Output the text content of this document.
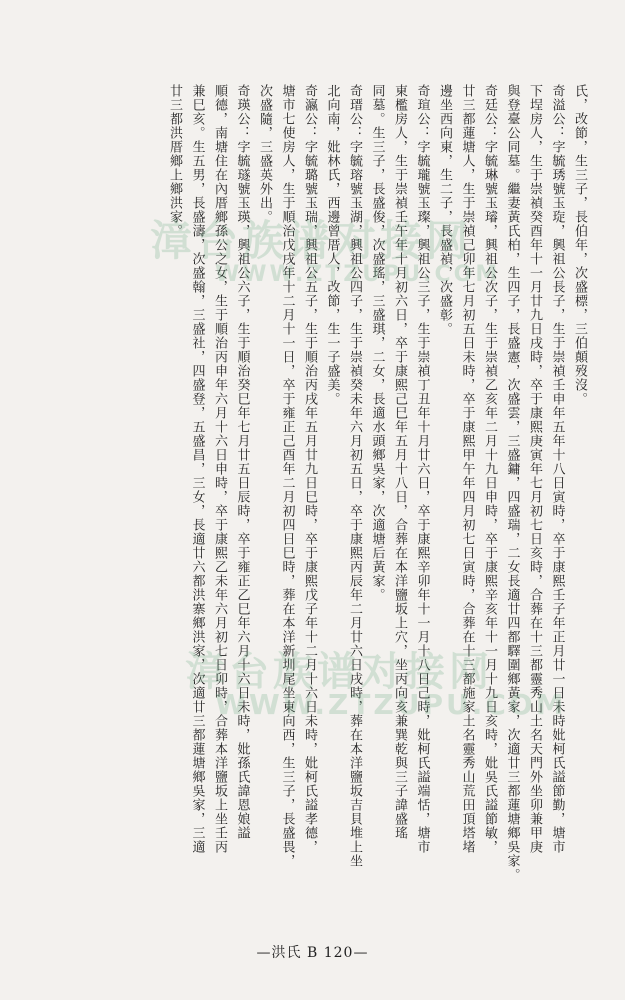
氏，改節，生三子，長伯年，次盛標，三伯顛歿沒。
奇溢公：字毓琇號玉琁，興祖公長子，生于崇禎壬申年五年十八日寅時，卒于康熙壬子年正月廿一日未時妣柯氏謚節勤，塘市
下埕房人，生于崇禎癸酉年十一月廿九日戌時，卒于康熙庚寅年七月初七日亥時，合葬在十三都靈秀山土名天門外坐卯兼甲庚
與登臺公同墓。繼妻黃氏柏，生四子，長盛憲，次盛雲，三盛鏞，四盛瑞，二女長適廿四都驛圍鄉黃家，次適廿三都蓮塘鄉吳家。
奇廷公：字毓琳號玉璿，興祖公次子，生于崇禎乙亥年二月十九日申時，卒于康熙辛亥年十一月十九日亥時，妣吳氏謚節敏，
廿三都蓮塘人，生于崇禎己卯年七月初五日未時，卒于康熙甲午年四月初七日寅時，合葬在十三都施家土名靈秀山荒田頂塔堵
邊坐西向東，生二子，長盛禎，次盛彰。
奇瑄公：字毓瓏號玉璨，興祖公三子，生于崇禎丁丑年十月廿六日，卒于康熙辛卯年十一月十八日己時，妣柯氏謚端恬，塘市
東檻房人，生于崇禎壬午年十月初六日，卒于康熙己巳年五月十八日，合葬在本洋鹽坂上穴，坐丙向亥兼巽乾與三子諱盛瑤
同墓。生三子，長盛俊，次盛瑤，三盛琪，二女，長適水頭鄉吳家，次適塘后黃家。
奇瑨公：字毓瑢號玉湖，興祖公四子，生于崇禎癸未年六月初五日，卒于康熙丙辰年二月廿六日戌時，葬在本洋鹽坂吉貝堆上坐
北向南，妣林氏，西邊曾厝人，改節，生一子盛美。
奇瀛公：字毓璐號玉瑞，興祖公五子，生于順治丙戌年五月廿九日巳時，卒于康熙戊子年十二月十六日未時，妣柯氏謚孝德，
塘市七使房人，生于順治戊戌年十二月十一日，卒于雍正己酉年二月初四日巳時，葬在本洋新圳尾坐東向西，生三子，長盛畏，
次盛隨，三盛英外出。
奇瑛公：字毓璲號玉瑛，興祖公六子，生于順治癸巳年七月廿五日辰時，卒于雍正乙巳年六月十六日未時，妣孫氏諱恩娘謚
順德，南塘住在內厝鄉孫公之女，生于順治丙申年六月十六日申時，卒于康熙乙未年六月初七日卯時，合葬本洋鹽坂上坐壬丙
兼巳亥。生五男，長盛濤，次盛翰，三盛社，四盛登，五盛昌，三女，長適廿六都洪寨鄉洪家，次適廿三都蓮塘鄉吳家，三適
廿三都洪厝鄉上鄉洪家。
漳台族谱对接网
WWW.ZTZUPU.COM
漳台族谱对接网
WWW.ZTZUPU.COM
—洪氏 B 120—
